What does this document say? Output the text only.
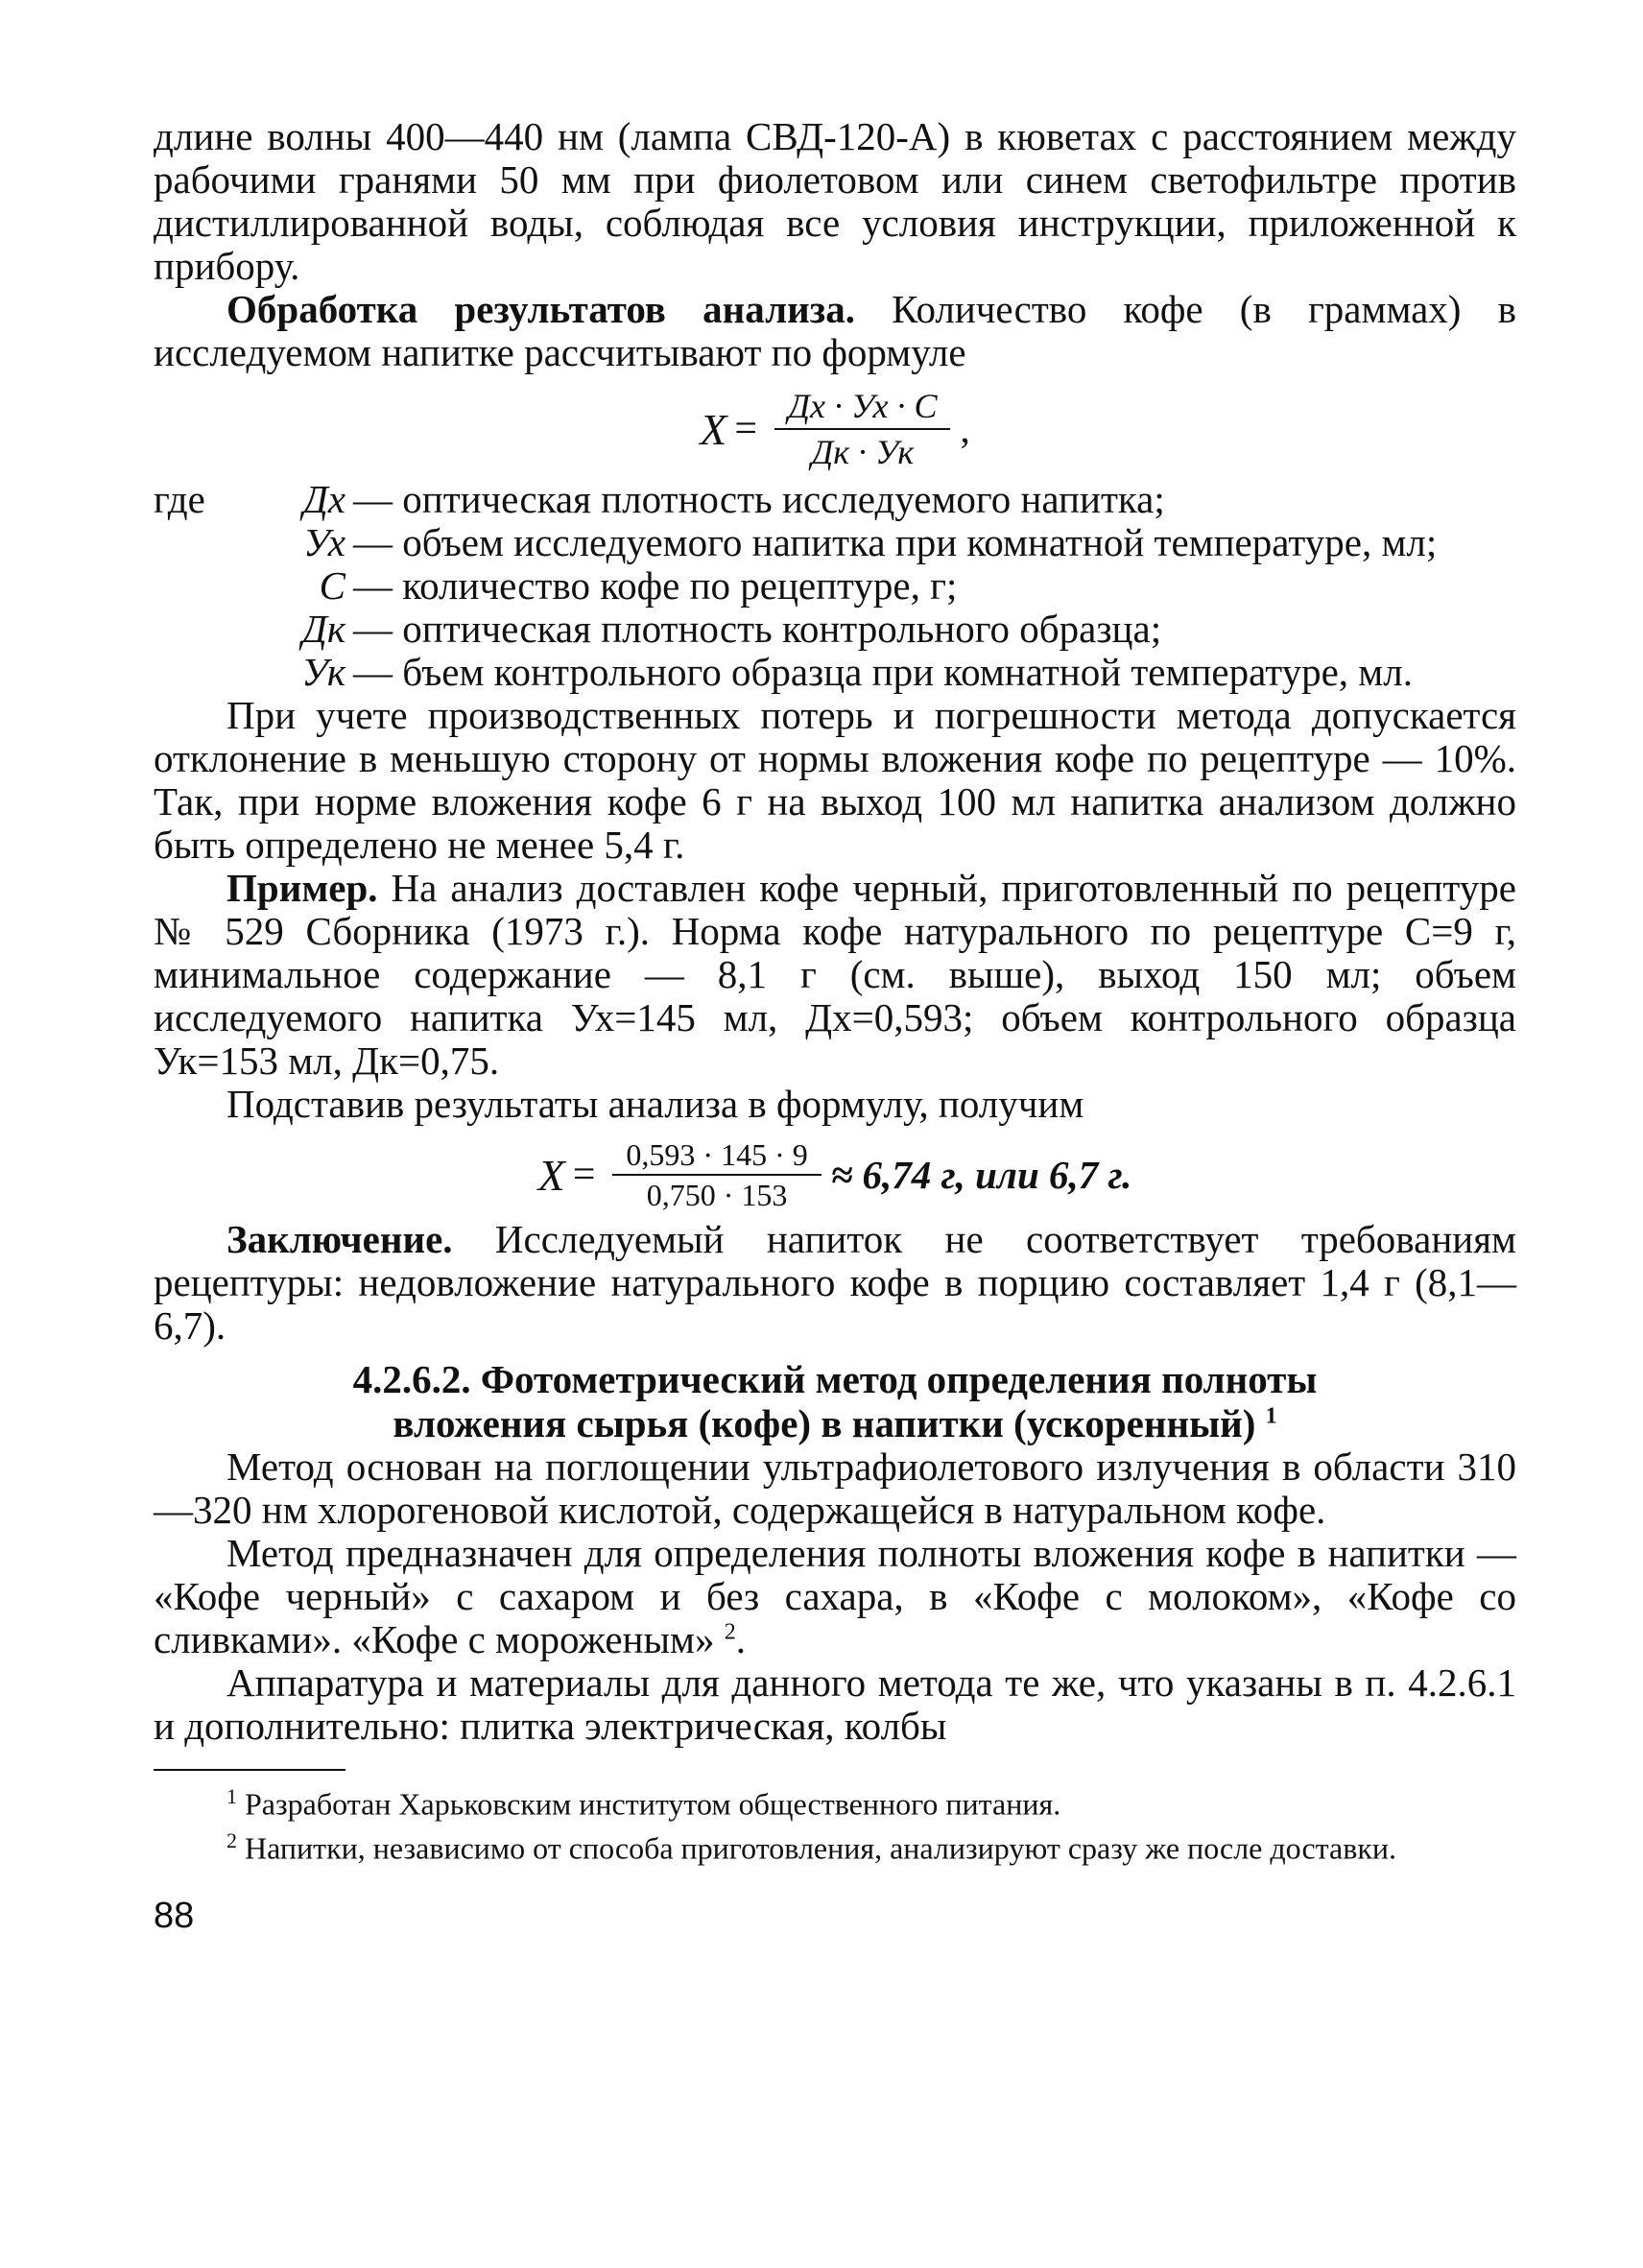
длине волны 400—440 нм (лампа СВД-120-А) в кюветах с расстоянием между рабочими гранями 50 мм при фиолетовом или синем светофильтре против дистиллированной воды, соблюдая все условия инструкции, приложенной к прибору.

Обработка результатов анализа. Количество кофе (в граммах) в исследуемом напитке рассчитывают по формуле

$X = \frac{Дх \cdot Ух \cdot С}{Дк \cdot Ук}$ ,
где Дх — оптическая плотность исследуемого напитка;
Ух — объем исследуемого напитка при комнатной температуре, мл;
С — количество кофе по рецептуре, г;
Дк — оптическая плотность контрольного образца;
Ук — бъем контрольного образца при комнатной температуре, мл.

При учете производственных потерь и погрешности метода допускается отклонение в меньшую сторону от нормы вложения кофе по рецептуре — 10%. Так, при норме вложения кофе 6 г на выход 100 мл напитка анализом должно быть определено не менее 5,4 г.

Пример. На анализ доставлен кофе черный, приготовленный по рецептуре № 529 Сборника (1973 г.). Норма кофе натурального по рецептуре С=9 г, минимальное содержание — 8,1 г (см. выше), выход 150 мл; объем исследуемого напитка Ух=145 мл, Дх=0,593; объем контрольного образца Ук=153 мл, Дк=0,75.

Подставив результаты анализа в формулу, получим

$X = \frac{0,593 \cdot 145 \cdot 9}{0,750 \cdot 153} \approx 6,74$ г, или 6,7 г.

Заключение. Исследуемый напиток не соответствует требованиям рецептуры: недовложение натурального кофе в порцию составляет 1,4 г (8,1—6,7).

4.2.6.2. Фотометрический метод определения полноты
вложения сырья (кофе) в напитки (ускоренный) $^1$

Метод основан на поглощении ультрафиолетового излучения в области 310—320 нм хлорогеновой кислотой, содержащейся в натуральном кофе.

Метод предназначен для определения полноты вложения кофе в напитки — «Кофе черный» с сахаром и без сахара, в «Кофе с молоком», «Кофе со сливками». «Кофе с мороженым» $^2$.

Аппаратура и материалы для данного метода те же, что указаны в п. 4.2.6.1 и дополнительно: плитка электрическая, колбы

$^1$ Разработан Харьковским институтом общественного питания.

$^2$ Напитки, независимо от способа приготовления, анализируют сразу же после доставки.

88
